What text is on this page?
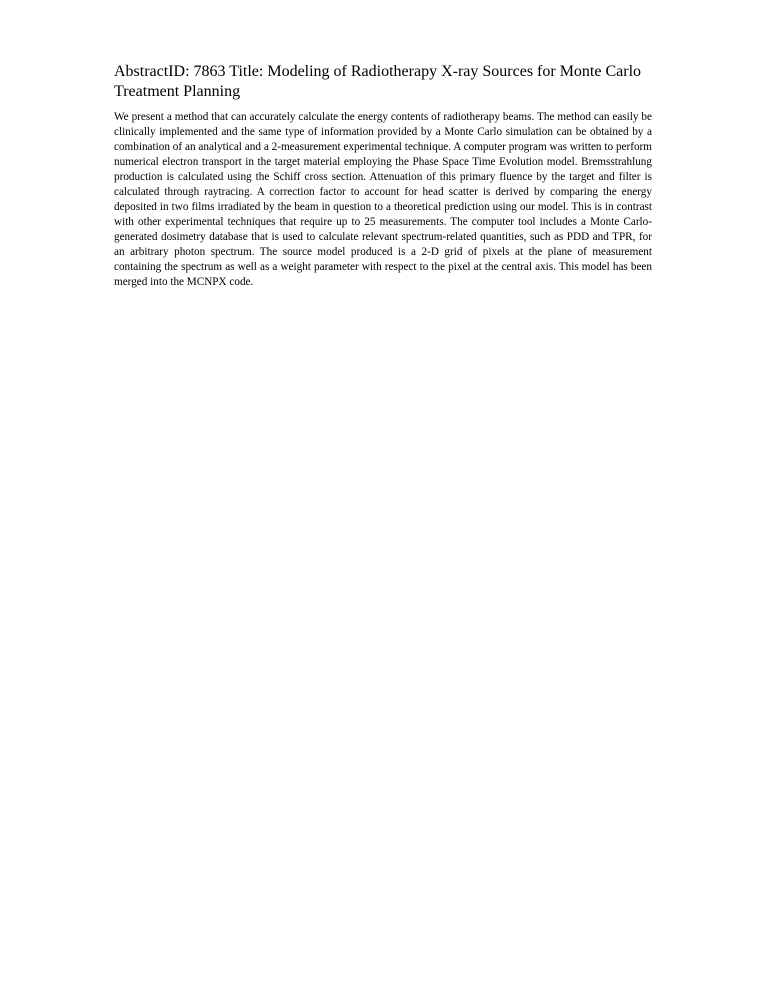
AbstractID: 7863 Title: Modeling of Radiotherapy X-ray Sources for Monte Carlo Treatment Planning

We present a method that can accurately calculate the energy contents of radiotherapy beams. The method can easily be clinically implemented and the same type of information provided by a Monte Carlo simulation can be obtained by a combination of an analytical and a 2-measurement experimental technique. A computer program was written to perform numerical electron transport in the target material employing the Phase Space Time Evolution model. Bremsstrahlung production is calculated using the Schiff cross section. Attenuation of this primary fluence by the target and filter is calculated through raytracing. A correction factor to account for head scatter is derived by comparing the energy deposited in two films irradiated by the beam in question to a theoretical prediction using our model. This is in contrast with other experimental techniques that require up to 25 measurements. The computer tool includes a Monte Carlo-generated dosimetry database that is used to calculate relevant spectrum-related quantities, such as PDD and TPR, for an arbitrary photon spectrum. The source model produced is a 2-D grid of pixels at the plane of measurement containing the spectrum as well as a weight parameter with respect to the pixel at the central axis. This model has been merged into the MCNPX code.
